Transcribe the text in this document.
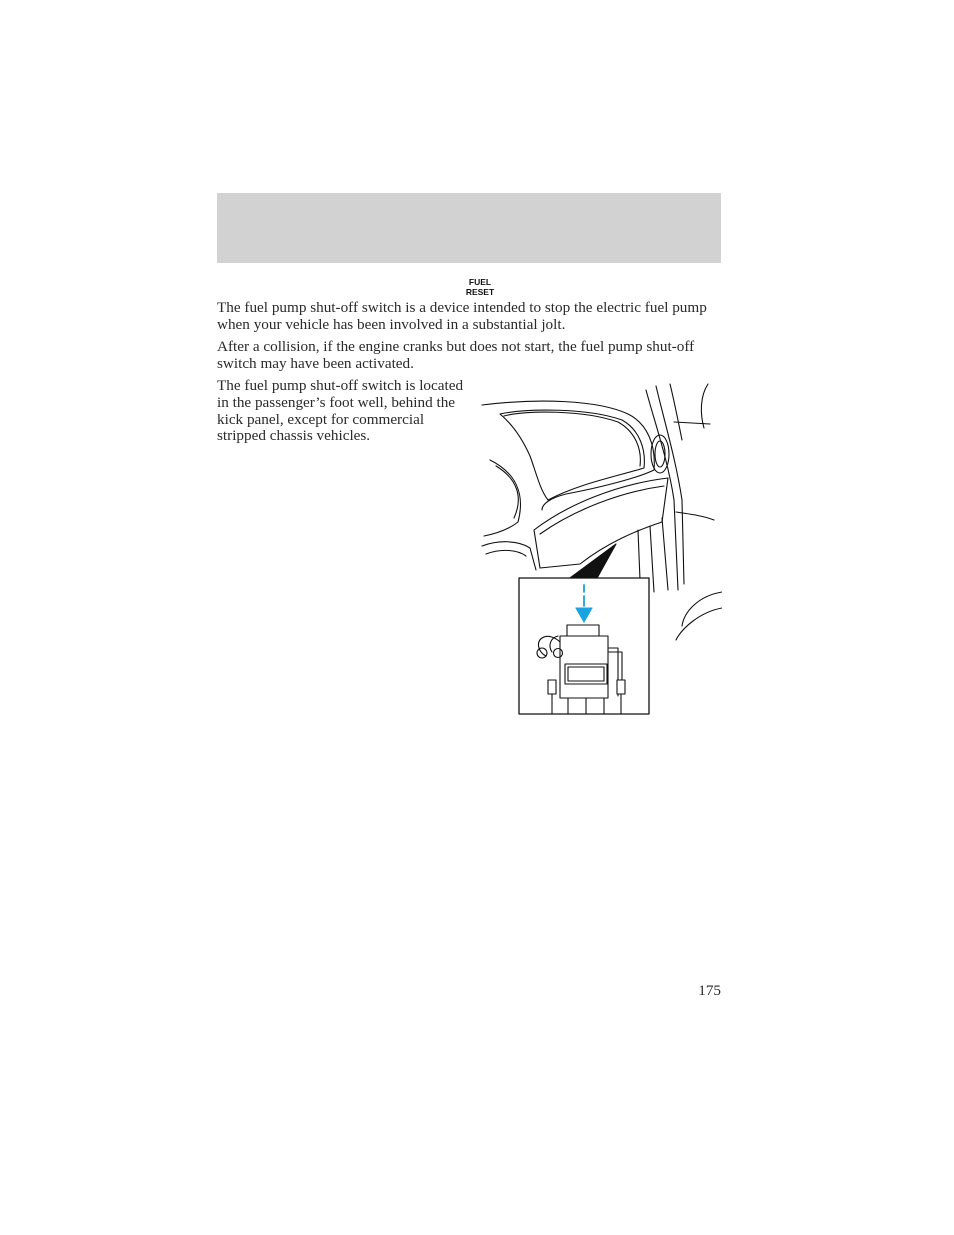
FUEL
RESET

The fuel pump shut-off switch is a device intended to stop the electric fuel pump when your vehicle has been involved in a substantial jolt.

After a collision, if the engine cranks but does not start, the fuel pump shut-off switch may have been activated.

The fuel pump shut-off switch is located in the passenger’s foot well, behind the kick panel, except for commercial stripped chassis vehicles.

175
